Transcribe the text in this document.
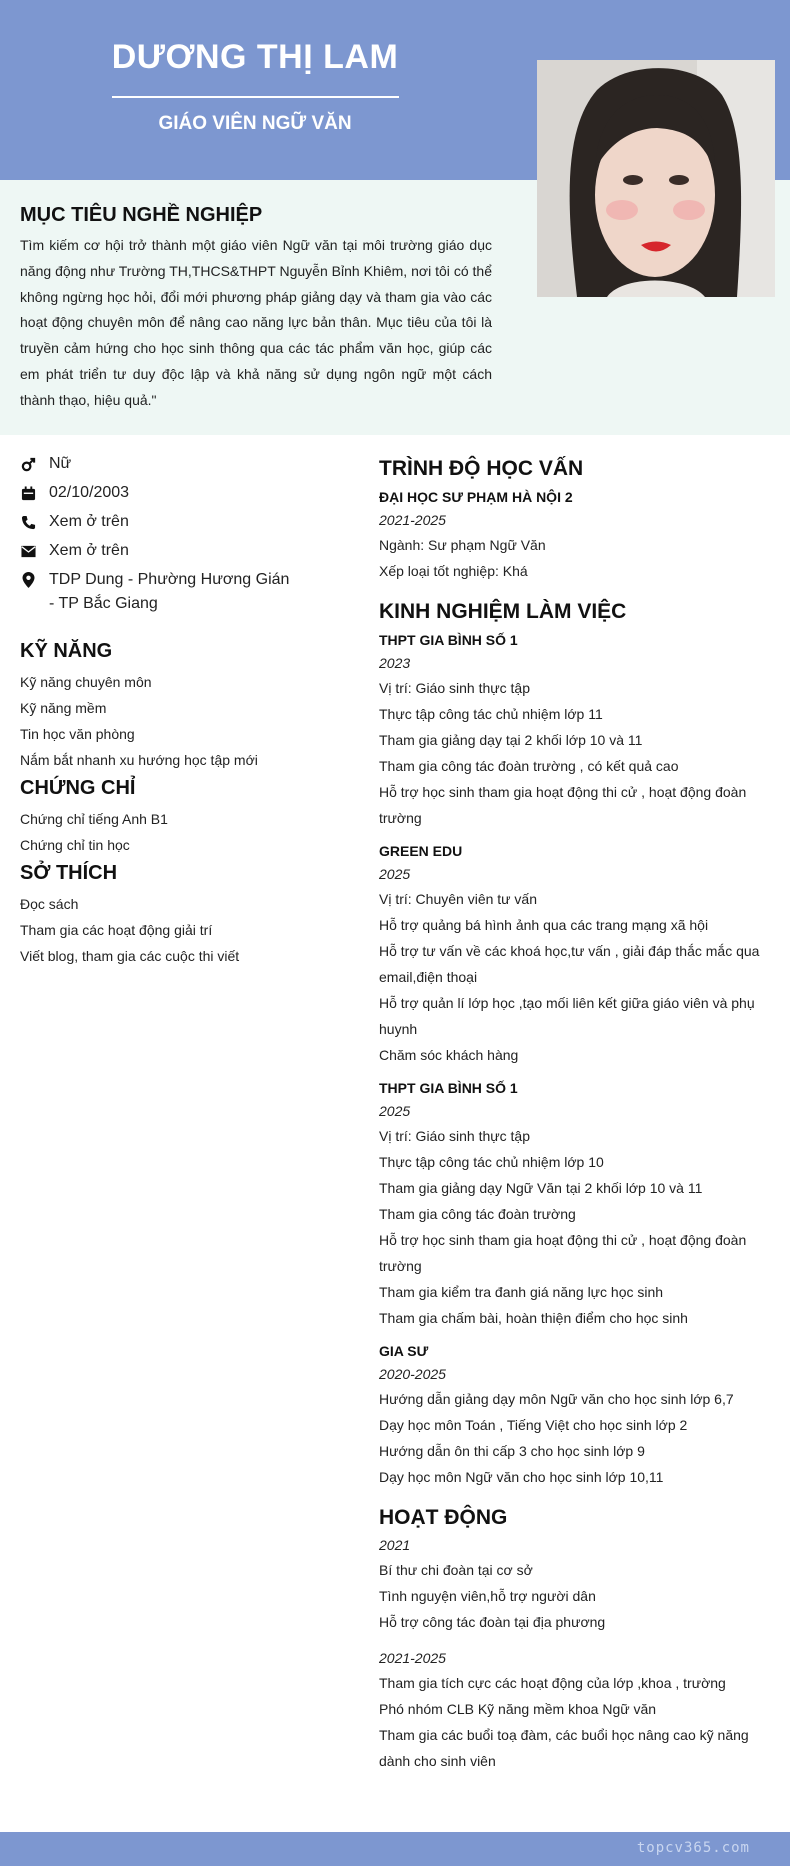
DƯƠNG THỊ LAM
GIÁO VIÊN NGỮ VĂN
MỤC TIÊU NGHỀ NGHIỆP
Tìm kiếm cơ hội trở thành một giáo viên Ngữ văn tại môi trường giáo dục năng động như Trường TH,THCS&THPT Nguyễn Bỉnh Khiêm, nơi tôi có thể không ngừng học hỏi, đổi mới phương pháp giảng dạy và tham gia vào các hoạt động chuyên môn để nâng cao năng lực bản thân. Mục tiêu của tôi là truyền cảm hứng cho học sinh thông qua các tác phẩm văn học, giúp các em phát triển tư duy độc lập và khả năng sử dụng ngôn ngữ một cách thành thạo, hiệu quả."
Nữ
02/10/2003
Xem ở trên
Xem ở trên
TDP Dung - Phường Hương Gián - TP Bắc Giang
KỸ NĂNG
Kỹ năng chuyên môn
Kỹ năng mềm
Tin học văn phòng
Nắm bắt nhanh xu hướng học tập mới
CHỨNG CHỈ
Chứng chỉ tiếng Anh B1
Chứng chỉ tin học
SỞ THÍCH
Đọc sách
Tham gia các hoạt động giải trí
Viết blog, tham gia các cuộc thi viết
TRÌNH ĐỘ HỌC VẤN
ĐẠI HỌC SƯ PHẠM HÀ NỘI 2
2021-2025
Ngành: Sư phạm Ngữ Văn
Xếp loại tốt nghiệp: Khá
KINH NGHIỆM LÀM VIỆC
THPT GIA BÌNH SỐ 1
2023
Vị trí: Giáo sinh thực tập
Thực tập công tác chủ nhiệm lớp 11
Tham gia giảng dạy tại 2 khối lớp 10 và 11
Tham gia công tác đoàn trường , có kết quả cao
Hỗ trợ học sinh tham gia hoạt động thi cử , hoạt động đoàn trường
GREEN EDU
2025
Vị trí: Chuyên viên tư vấn
Hỗ trợ quảng bá hình ảnh qua các trang mạng xã hội
Hỗ trợ tư vấn về các khoá học,tư vấn , giải đáp thắc mắc qua email,điện thoại
Hỗ trợ quản lí lớp học ,tạo mối liên kết giữa giáo viên và phụ huynh
Chăm sóc khách hàng
THPT GIA BÌNH SỐ 1
2025
Vị trí: Giáo sinh thực tập
Thực tập công tác chủ nhiệm lớp 10
Tham gia giảng dạy Ngữ Văn tại 2 khối lớp 10 và 11
Tham gia công tác đoàn trường
Hỗ trợ học sinh tham gia hoạt động thi cử , hoạt động đoàn trường
Tham gia kiểm tra đanh giá năng lực học sinh
Tham gia chấm bài, hoàn thiện điểm cho học sinh
GIA SƯ
2020-2025
Hướng dẫn giảng dạy môn Ngữ văn cho học sinh lớp 6,7
Dạy học môn Toán , Tiếng Việt cho học sinh lớp 2
Hướng dẫn ôn thi cấp 3 cho học sinh lớp 9
Dạy học môn Ngữ văn cho học sinh lớp 10,11
HOẠT ĐỘNG
2021
Bí thư chi đoàn tại cơ sở
Tình nguyện viên,hỗ trợ người dân
Hỗ trợ công tác đoàn tại địa phương
2021-2025
Tham gia tích cực các hoạt động của lớp ,khoa , trường
Phó nhóm CLB Kỹ năng mềm khoa Ngữ văn
Tham gia các buổi toạ đàm, các buổi học nâng cao kỹ năng dành cho sinh viên
topcv365.com
